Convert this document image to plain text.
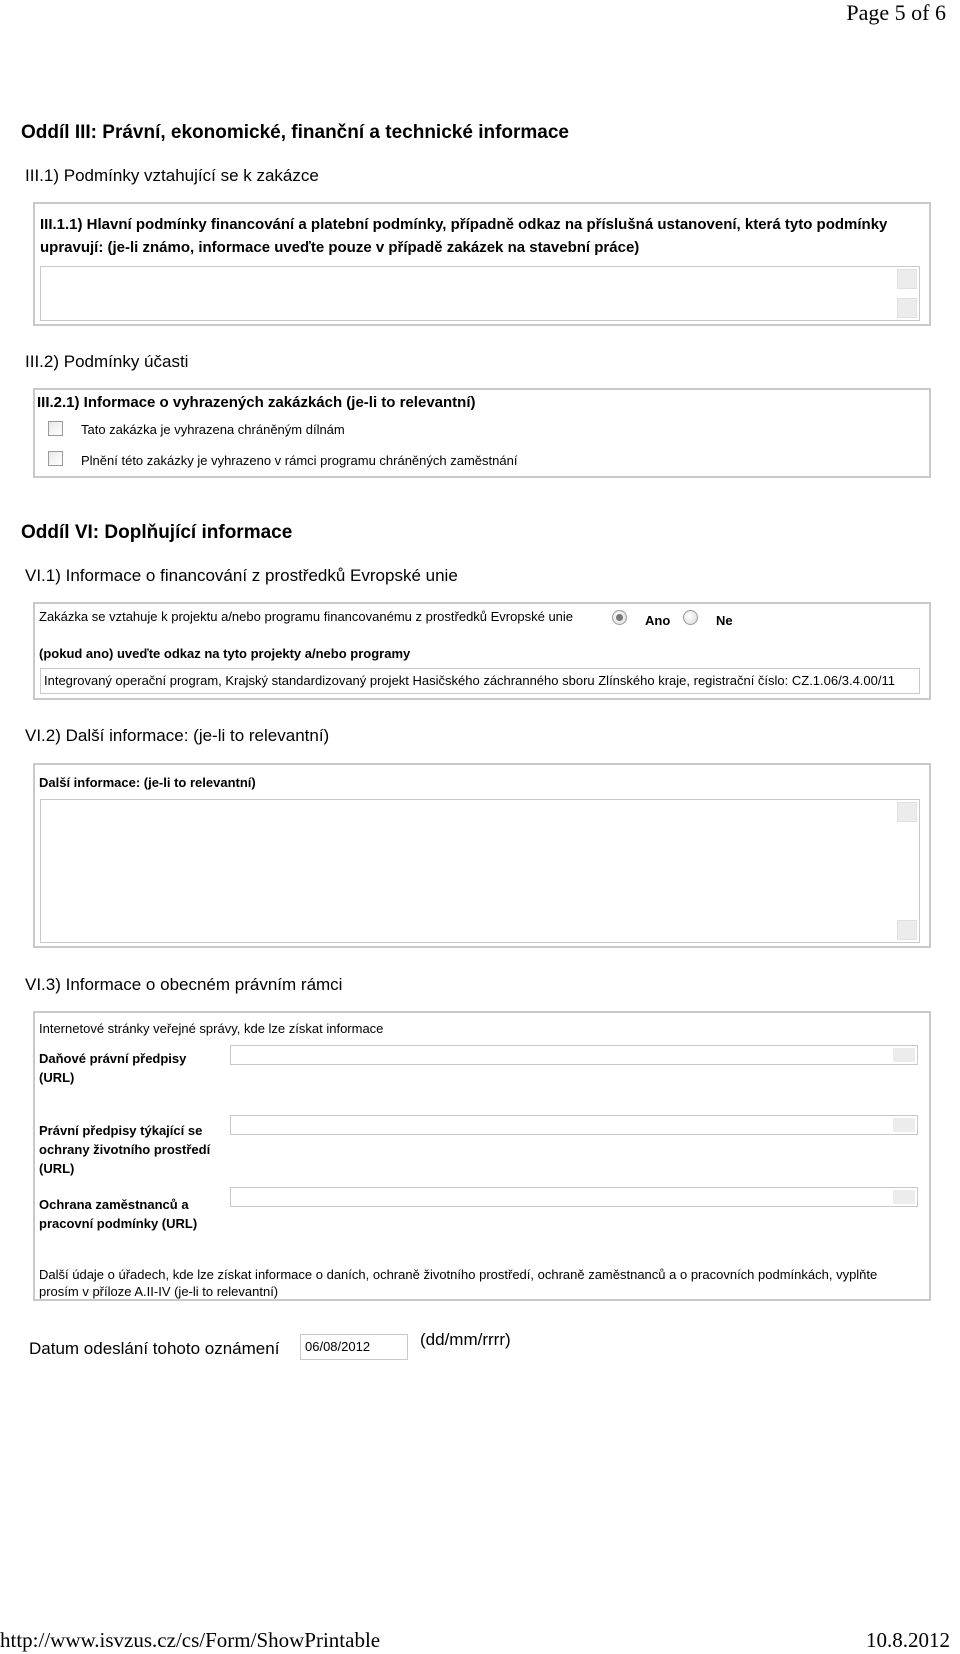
Page 5 of 6
Oddíl III: Právní, ekonomické, finanční a technické informace
III.1) Podmínky vztahující se k zakázce
III.1.1) Hlavní podmínky financování a platební podmínky, případně odkaz na příslušná ustanovení, která tyto podmínky
upravují: (je-li známo, informace uveďte pouze v případě zakázek na stavební práce)
III.2) Podmínky účasti
III.2.1) Informace o vyhrazených zakázkách (je-li to relevantní)
Tato zakázka je vyhrazena chráněným dílnám
Plnění této zakázky je vyhrazeno v rámci programu chráněných zaměstnání
Oddíl VI: Doplňující informace
VI.1) Informace o financování z prostředků Evropské unie
Zakázka se vztahuje k projektu a/nebo programu financovanému z prostředků Evropské unie	Ano	Ne
(pokud ano) uveďte odkaz na tyto projekty a/nebo programy
Integrovaný operační program, Krajský standardizovaný projekt Hasičského záchranného sboru Zlínského kraje, registrační číslo: CZ.1.06/3.4.00/11
VI.2) Další informace: (je-li to relevantní)
Další informace: (je-li to relevantní)
VI.3) Informace o obecném právním rámci
Internetové stránky veřejné správy, kde lze získat informace
Daňové právní předpisy
(URL)
Právní předpisy týkající se
ochrany životního prostředí
(URL)
Ochrana zaměstnanců a
pracovní podmínky (URL)
Další údaje o úřadech, kde lze získat informace o daních, ochraně životního prostředí, ochraně zaměstnanců a o pracovních podmínkách, vyplňte
prosím v příloze A.II-IV (je-li to relevantní)
Datum odeslání tohoto oznámení 06/08/2012	(dd/mm/rrrr)
http://www.isvzus.cz/cs/Form/ShowPrintable	10.8.2012
